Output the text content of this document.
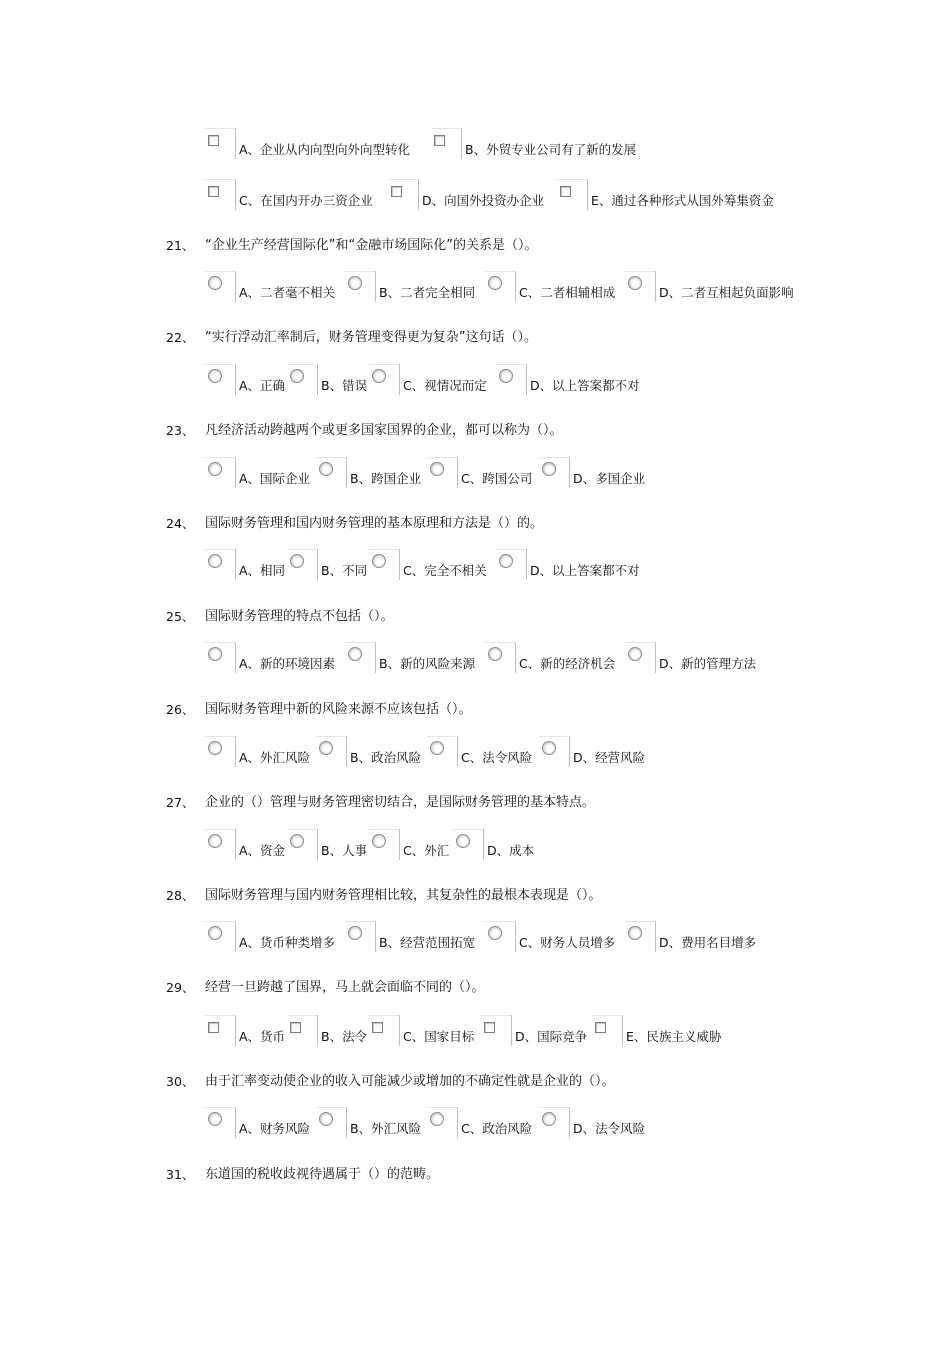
A、企业从内向型向外向型转化	B、外贸专业公司有了新的发展
C、在国内开办三资企业	D、向国外投资办企业	E、通过各种形式从国外筹集资金
21、 “企业生产经营国际化”和“金融市场国际化”的关系是（）。
A、二者毫不相关	B、二者完全相同	C、二者相辅相成	D、二者互相起负面影响
22、 “实行浮动汇率制后，财务管理变得更为复杂”这句话（）。
A、正确	B、错误	C、视情况而定	D、以上答案都不对
23、 凡经济活动跨越两个或更多国家国界的企业，都可以称为（）。
A、国际企业	B、跨国企业	C、跨国公司	D、多国企业
24、 国际财务管理和国内财务管理的基本原理和方法是（）的。
A、相同	B、不同	C、完全不相关	D、以上答案都不对
25、 国际财务管理的特点不包括（）。
A、新的环境因素	B、新的风险来源	C、新的经济机会	D、新的管理方法
26、 国际财务管理中新的风险来源不应该包括（）。
A、外汇风险	B、政治风险	C、法令风险	D、经营风险
27、 企业的（）管理与财务管理密切结合，是国际财务管理的基本特点。
A、资金	B、人事	C、外汇	D、成本
28、 国际财务管理与国内财务管理相比较，其复杂性的最根本表现是（）。
A、货币种类增多	B、经营范围拓宽	C、财务人员增多	D、费用名目增多
29、 经营一旦跨越了国界，马上就会面临不同的（）。
A、货币	B、法令	C、国家目标	D、国际竞争	E、民族主义威胁
30、 由于汇率变动使企业的收入可能减少或增加的不确定性就是企业的（）。
A、财务风险	B、外汇风险	C、政治风险	D、法令风险
31、 东道国的税收歧视待遇属于（）的范畴。
